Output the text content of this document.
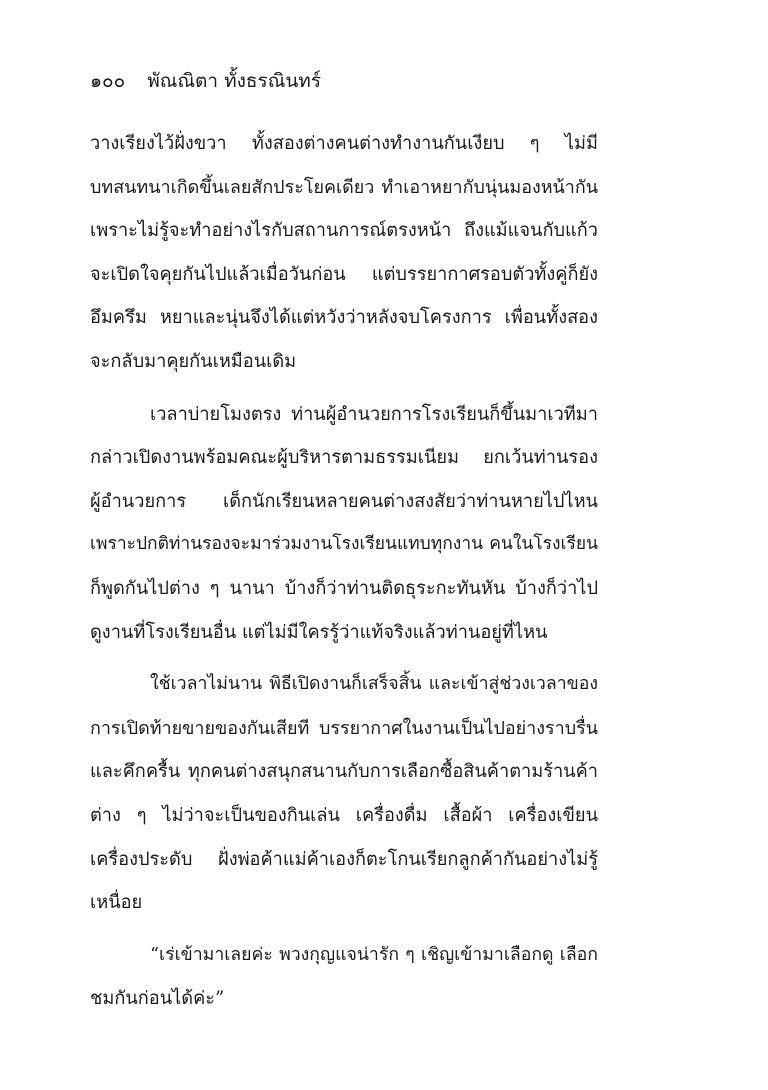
๑๐๐ พัณณิตา ทั้งธรณินทร์
วางเรียงไว้ฝั่งขวา ทั้งสองต่างคนต่างทำงานกันเงียบ ๆ ไม่มี
บทสนทนาเกิดขึ้นเลยสักประโยคเดียว ทำเอาหยากับนุ่นมองหน้ากัน
เพราะไม่รู้จะทำอย่างไรกับสถานการณ์ตรงหน้า ถึงแม้แจนกับแก้ว
จะเปิดใจคุยกันไปแล้วเมื่อวันก่อน แต่บรรยากาศรอบตัวทั้งคู่ก็ยัง
อึมครึม หยาและนุ่นจึงได้แต่หวังว่าหลังจบโครงการ เพื่อนทั้งสอง
จะกลับมาคุยกันเหมือนเดิม
เวลาบ่ายโมงตรง ท่านผู้อำนวยการโรงเรียนก็ขึ้นมาเวทีมา
กล่าวเปิดงานพร้อมคณะผู้บริหารตามธรรมเนียม ยกเว้นท่านรอง
ผู้อำนวยการ เด็กนักเรียนหลายคนต่างสงสัยว่าท่านหายไปไหน
เพราะปกติท่านรองจะมาร่วมงานโรงเรียนแทบทุกงาน คนในโรงเรียน
ก็พูดกันไปต่าง ๆ นานา บ้างก็ว่าท่านติดธุระกะทันหัน บ้างก็ว่าไป
ดูงานที่โรงเรียนอื่น แต่ไม่มีใครรู้ว่าแท้จริงแล้วท่านอยู่ที่ไหน
ใช้เวลาไม่นาน พิธีเปิดงานก็เสร็จสิ้น และเข้าสู่ช่วงเวลาของ
การเปิดท้ายขายของกันเสียที บรรยากาศในงานเป็นไปอย่างราบรื่น
และคึกครื้น ทุกคนต่างสนุกสนานกับการเลือกซื้อสินค้าตามร้านค้า
ต่าง ๆ ไม่ว่าจะเป็นของกินเล่น เครื่องดื่ม เสื้อผ้า เครื่องเขียน
เครื่องประดับ ฝั่งพ่อค้าแม่ค้าเองก็ตะโกนเรียกลูกค้ากันอย่างไม่รู้
เหนื่อย
“เร่เข้ามาเลยค่ะ พวงกุญแจน่ารัก ๆ เชิญเข้ามาเลือกดู เลือก
ชมกันก่อนได้ค่ะ”
